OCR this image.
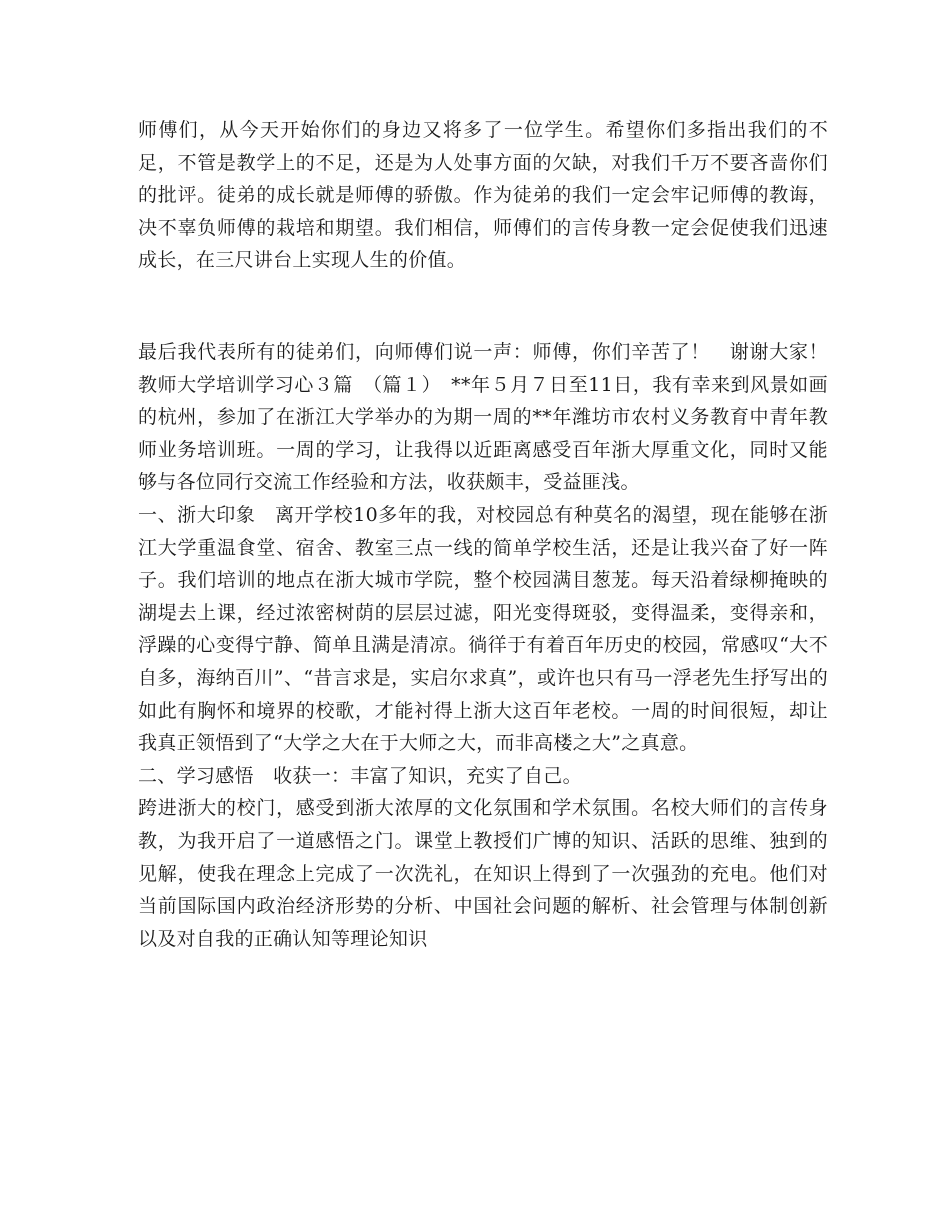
师傅们，从今天开始你们的身边又将多了一位学生。希望你们多指出我们的不足，不管是教学上的不足，还是为人处事方面的欠缺，对我们千万不要吝啬你们的批评。徒弟的成长就是师傅的骄傲。作为徒弟的我们一定会牢记师傅的教诲，决不辜负师傅的栽培和期望。我们相信，师傅们的言传身教一定会促使我们迅速成长，在三尺讲台上实现人生的价值。

最后我代表所有的徒弟们，向师傅们说一声：师傅，你们辛苦了！　谢谢大家！　教师大学培训学习心３篇　（篇１）　**年５月７日至11日，我有幸来到风景如画的杭州，参加了在浙江大学举办的为期一周的**年潍坊市农村义务教育中青年教师业务培训班。一周的学习，让我得以近距离感受百年浙大厚重文化，同时又能够与各位同行交流工作经验和方法，收获颇丰，受益匪浅。

一、浙大印象　离开学校10多年的我，对校园总有种莫名的渴望，现在能够在浙江大学重温食堂、宿舍、教室三点一线的简单学校生活，还是让我兴奋了好一阵子。我们培训的地点在浙大城市学院，整个校园满目葱茏。每天沿着绿柳掩映的湖堤去上课，经过浓密树荫的层层过滤，阳光变得斑驳，变得温柔，变得亲和，浮躁的心变得宁静、简单且满是清凉。徜徉于有着百年历史的校园，常感叹“大不自多，海纳百川”、“昔言求是，实启尔求真”，或许也只有马一浮老先生抒写出的如此有胸怀和境界的校歌，才能衬得上浙大这百年老校。一周的时间很短，却让我真正领悟到了“大学之大在于大师之大，而非高楼之大”之真意。

二、学习感悟　收获一：丰富了知识，充实了自己。

跨进浙大的校门，感受到浙大浓厚的文化氛围和学术氛围。名校大师们的言传身教，为我开启了一道感悟之门。课堂上教授们广博的知识、活跃的思维、独到的见解，使我在理念上完成了一次洗礼，在知识上得到了一次强劲的充电。他们对当前国际国内政治经济形势的分析、中国社会问题的解析、社会管理与体制创新以及对自我的正确认知等理论知识
